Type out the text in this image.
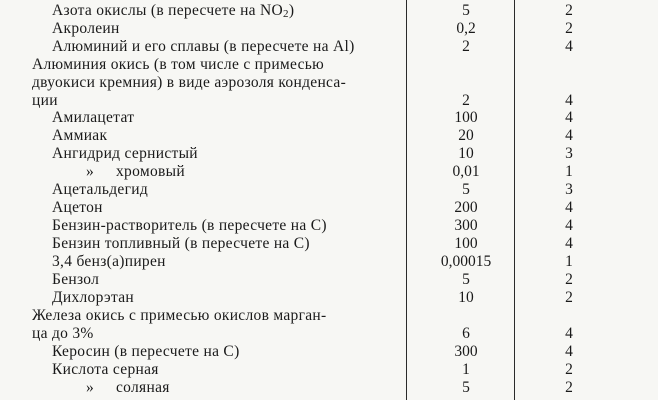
Азота окислы (в пересчете на $NO_2$)	5	2
Акролеин	0,2	2
Алюминий и его сплавы (в пересчете на Al)	2	4
Алюминия окись (в том числе с примесью
двуокиси кремния) в виде аэрозоля конденса-
ции	2	4
Амилацетат	100	4
Аммиак	20	4
Ангидрид сернистый	10	3
» хромовый	0,01	1
Ацетальдегид	5	3
Ацетон	200	4
Бензин-растворитель (в пересчете на С)	300	4
Бензин топливный (в пересчете на С)	100	4
3,4 бенз(а)пирен	0,00015	1
Бензол	5	2
Дихлорэтан	10	2
Железа окись с примесью окислов марган-
ца до 3%	6	4
Керосин (в пересчете на С)	300	4
Кислота серная	1	2
» соляная	5	2
